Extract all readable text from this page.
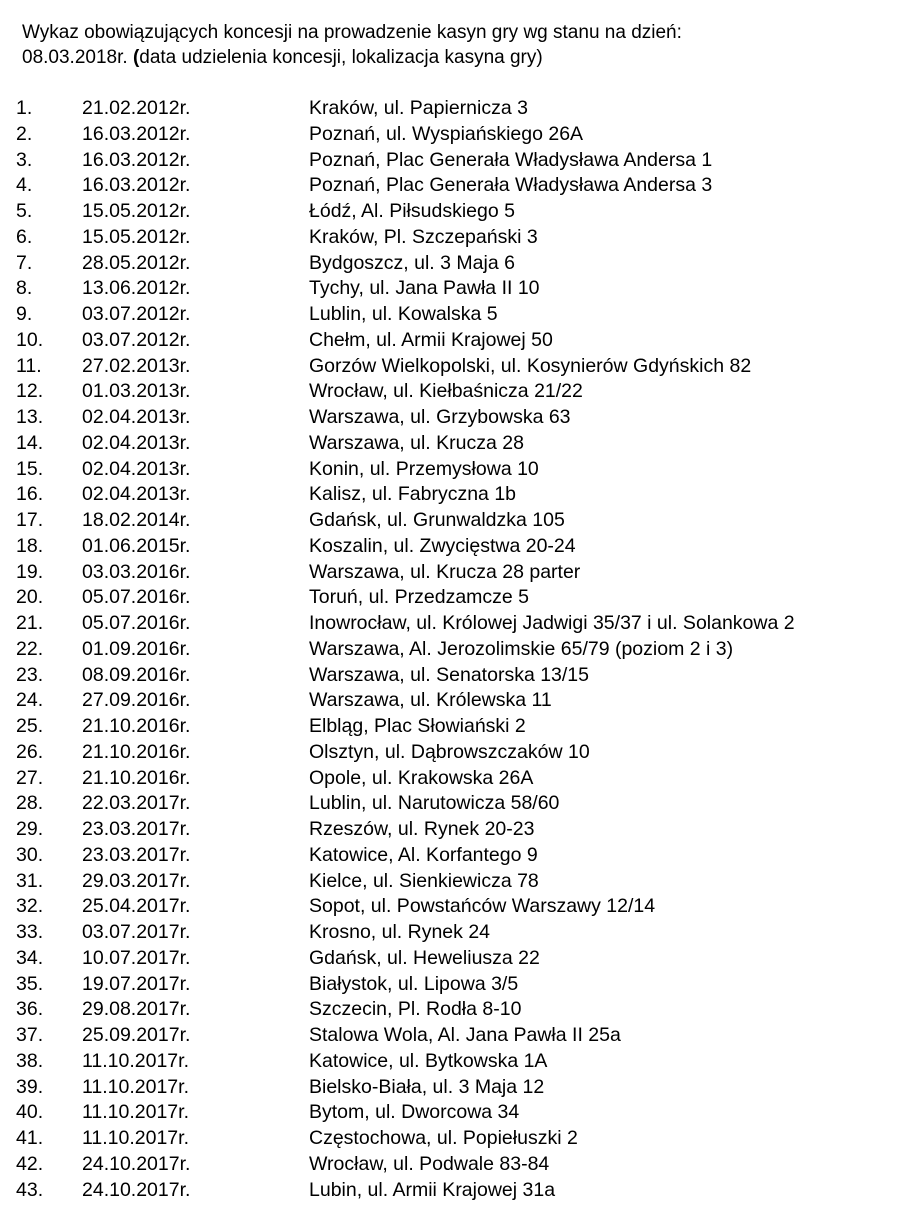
Wykaz obowiązujących koncesji na prowadzenie kasyn gry wg stanu na dzień:
08.03.2018r. (data udzielenia koncesji, lokalizacja kasyna gry)
1.	21.02.2012r.	Kraków, ul. Papiernicza 3
2.	16.03.2012r.	Poznań, ul. Wyspiańskiego 26A
3.	16.03.2012r.	Poznań, Plac Generała Władysława Andersa 1
4.	16.03.2012r.	Poznań, Plac Generała Władysława Andersa 3
5.	15.05.2012r.	Łódź, Al. Piłsudskiego 5
6.	15.05.2012r.	Kraków, Pl. Szczepański 3
7.	28.05.2012r.	Bydgoszcz, ul. 3 Maja 6
8.	13.06.2012r.	Tychy, ul. Jana Pawła II 10
9.	03.07.2012r.	Lublin, ul. Kowalska 5
10. 03.07.2012r.	Chełm, ul. Armii Krajowej 50
11. 27.02.2013r.	Gorzów Wielkopolski, ul. Kosynierów Gdyńskich 82
12. 01.03.2013r.	Wrocław, ul. Kiełbaśnicza 21/22
13. 02.04.2013r.	Warszawa, ul. Grzybowska 63
14. 02.04.2013r.	Warszawa, ul. Krucza 28
15. 02.04.2013r.	Konin, ul. Przemysłowa 10
16. 02.04.2013r.	Kalisz, ul. Fabryczna 1b
17. 18.02.2014r.	Gdańsk, ul. Grunwaldzka 105
18. 01.06.2015r.	Koszalin, ul. Zwycięstwa 20-24
19. 03.03.2016r.	Warszawa, ul. Krucza 28 parter
20. 05.07.2016r.	Toruń, ul. Przedzamcze 5
21. 05.07.2016r.	Inowrocław, ul. Królowej Jadwigi 35/37 i ul. Solankowa 2
22. 01.09.2016r.	Warszawa, Al. Jerozolimskie 65/79 (poziom 2 i 3)
23. 08.09.2016r.	Warszawa, ul. Senatorska 13/15
24. 27.09.2016r.	Warszawa, ul. Królewska 11
25. 21.10.2016r.	Elbląg, Plac Słowiański 2
26. 21.10.2016r.	Olsztyn, ul. Dąbrowszczaków 10
27. 21.10.2016r.	Opole, ul. Krakowska 26A
28. 22.03.2017r.	Lublin, ul. Narutowicza 58/60
29. 23.03.2017r.	Rzeszów, ul. Rynek 20-23
30. 23.03.2017r.	Katowice, Al. Korfantego 9
31. 29.03.2017r.	Kielce, ul. Sienkiewicza 78
32. 25.04.2017r.	Sopot, ul. Powstańców Warszawy 12/14
33. 03.07.2017r.	Krosno, ul. Rynek 24
34. 10.07.2017r.	Gdańsk, ul. Heweliusza 22
35. 19.07.2017r.	Białystok, ul. Lipowa 3/5
36. 29.08.2017r.	Szczecin, Pl. Rodła 8-10
37. 25.09.2017r.	Stalowa Wola, Al. Jana Pawła II 25a
38. 11.10.2017r.	Katowice, ul. Bytkowska 1A
39. 11.10.2017r.	Bielsko-Biała, ul. 3 Maja 12
40. 11.10.2017r.	Bytom, ul. Dworcowa 34
41. 11.10.2017r.	Częstochowa, ul. Popiełuszki 2
42. 24.10.2017r.	Wrocław, ul. Podwale 83-84
43. 24.10.2017r.	Lubin, ul. Armii Krajowej 31a
